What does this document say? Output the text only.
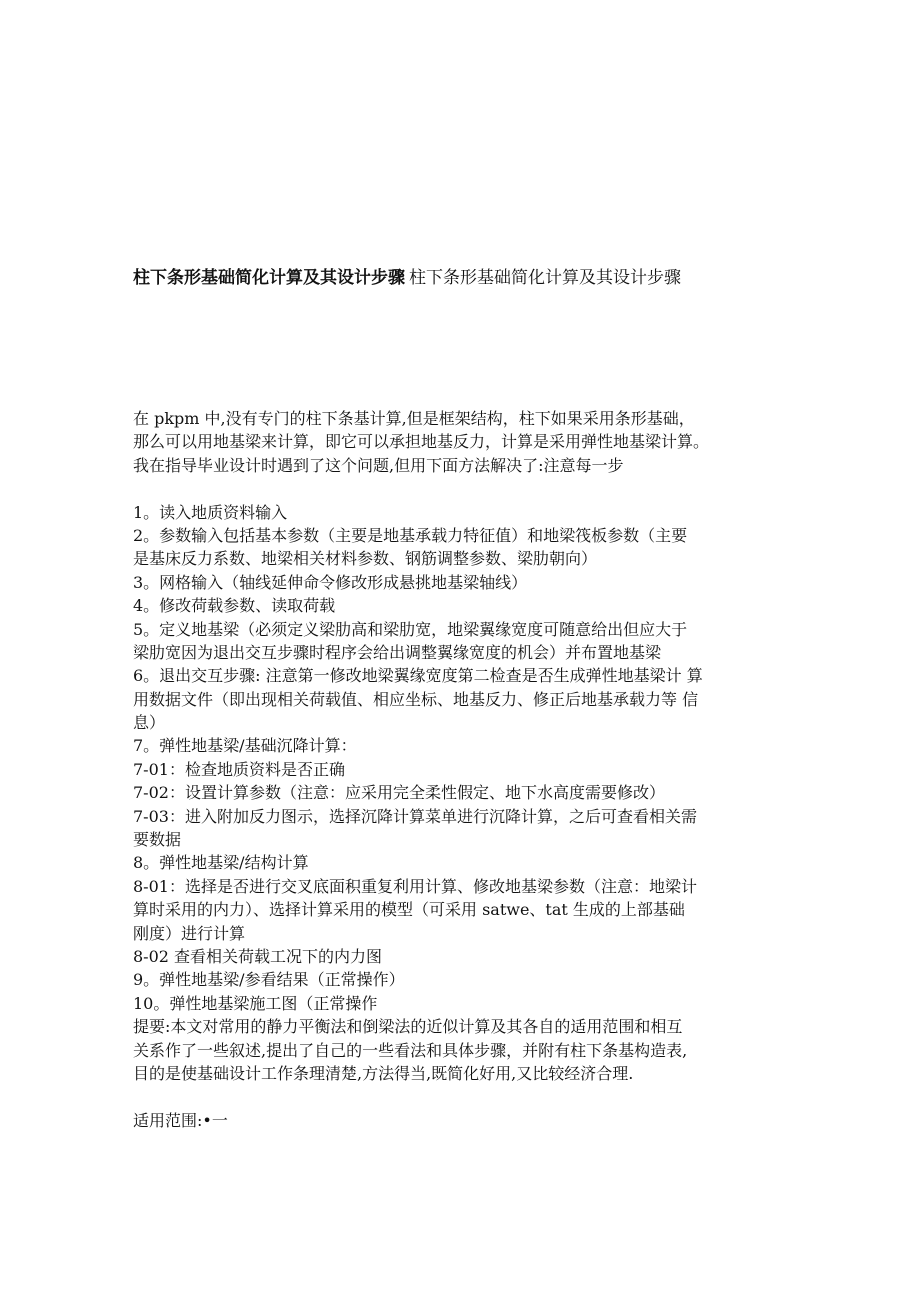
柱下条形基础简化计算及其设计步骤 柱下条形基础简化计算及其设计步骤
在 pkpm 中,没有专门的柱下条基计算,但是框架结构，柱下如果采用条形基础，
那么可以用地基梁来计算，即它可以承担地基反力，计算是采用弹性地基梁计算。
我在指导毕业设计时遇到了这个问题,但用下面方法解决了:注意每一步
1。读入地质资料输入
2。参数输入包括基本参数（主要是地基承载力特征值）和地梁筏板参数（主要
是基床反力系数、地梁相关材料参数、钢筋调整参数、梁肋朝向）
3。网格输入（轴线延伸命令修改形成悬挑地基梁轴线）
4。修改荷载参数、读取荷载
5。定义地基梁（必须定义梁肋高和梁肋宽，地梁翼缘宽度可随意给出但应大于
梁肋宽因为退出交互步骤时程序会给出调整翼缘宽度的机会）并布置地基梁
6。退出交互步骤: 注意第一修改地梁翼缘宽度第二检查是否生成弹性地基梁计 算
用数据文件（即出现相关荷载值、相应坐标、地基反力、修正后地基承载力等 信
息）
7。弹性地基梁/基础沉降计算：
7-01：检查地质资料是否正确
7-02：设置计算参数（注意：应采用完全柔性假定、地下水高度需要修改）
7-03：进入附加反力图示，选择沉降计算菜单进行沉降计算，之后可查看相关需
要数据
8。弹性地基梁/结构计算
8-01：选择是否进行交叉底面积重复利用计算、修改地基梁参数（注意：地梁计
算时采用的内力）、选择计算采用的模型（可采用 satwe、tat 生成的上部基础
刚度）进行计算
8-02 查看相关荷载工况下的内力图
9。弹性地基梁/参看结果（正常操作）
10。弹性地基梁施工图（正常操作
提要:本文对常用的静力平衡法和倒梁法的近似计算及其各自的适用范围和相互
关系作了一些叙述,提出了自己的一些看法和具体步骤，并附有柱下条基构造表,
目的是使基础设计工作条理清楚,方法得当,既简化好用,又比较经济合理.
适用范围:•一
